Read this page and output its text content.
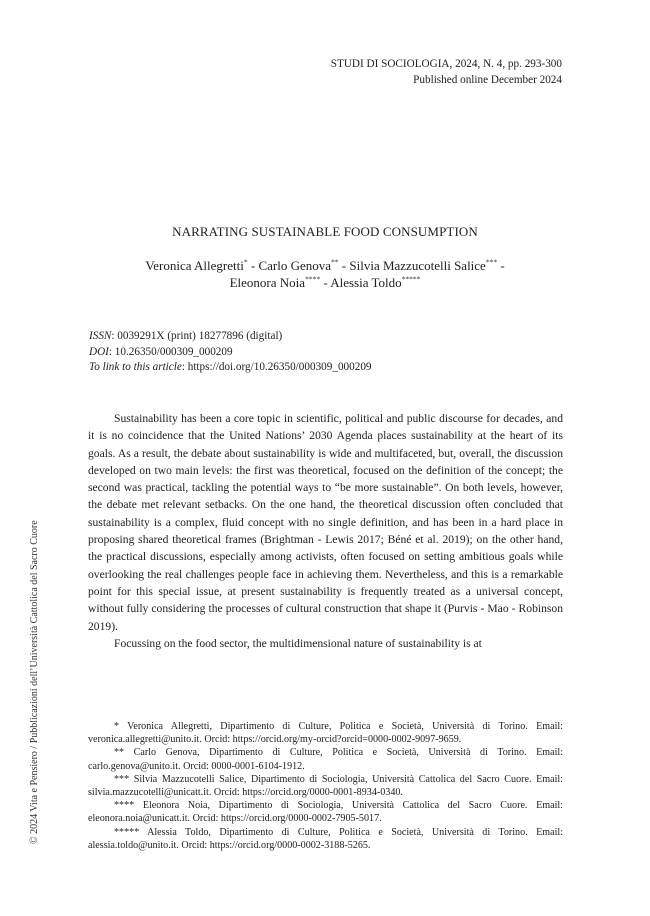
STUDI DI SOCIOLOGIA, 2024, N. 4, pp. 293-300
Published online December 2024
NARRATING SUSTAINABLE FOOD CONSUMPTION
Veronica Allegretti* - Carlo Genova** - Silvia Mazzucotelli Salice*** -
Eleonora Noia**** - Alessia Toldo*****
ISSN: 0039291X (print) 18277896 (digital)
DOI: 10.26350/000309_000209
To link to this article: https://doi.org/10.26350/000309_000209

Sustainability has been a core topic in scientific, political and public discourse for decades, and it is no coincidence that the United Nations’ 2030 Agenda places sustainability at the heart of its goals. As a result, the debate about sustainability is wide and multifaceted, but, overall, the discussion developed on two main levels: the first was theoretical, focused on the definition of the concept; the second was practical, tackling the potential ways to “be more sustainable”. On both levels, however, the debate met relevant setbacks. On the one hand, the theoretical discussion often concluded that sustainability is a complex, fluid concept with no single definition, and has been in a hard place in proposing shared theoretical frames (Brightman - Lewis 2017; Béné et al. 2019); on the other hand, the practical discussions, especially among activists, often focused on setting ambitious goals while overlooking the real challenges people face in achieving them. Nevertheless, and this is a remarkable point for this special issue, at present sustainability is frequently treated as a universal concept, without fully considering the processes of cultural construction that shape it (Purvis - Mao - Robinson 2019).

Focussing on the food sector, the multidimensional nature of sustainability is at

* Veronica Allegretti, Dipartimento di Culture, Politica e Società, Università di Torino. Email: veronica.allegretti@unito.it. Orcid: https://orcid.org/my-orcid?orcid=0000-0002-9097-9659.

** Carlo Genova, Dipartimento di Culture, Politica e Società, Università di Torino. Email: carlo.genova@unito.it. Orcid: 0000-0001-6104-1912.

*** Silvia Mazzucotelli Salice, Dipartimento di Sociologia, Università Cattolica del Sacro Cuore. Email: silvia.mazzucotelli@unicatt.it. Orcid: https://orcid.org/0000-0001-8934-0340.

**** Eleonora Noia, Dipartimento di Sociologia, Università Cattolica del Sacro Cuore. Email: eleonora.noia@unicatt.it. Orcid: https://orcid.org/0000-0002-7905-5017.

***** Alessia Toldo, Dipartimento di Culture, Politica e Società, Università di Torino. Email: alessia.toldo@unito.it. Orcid: https://orcid.org/0000-0002-3188-5265.

© 2024 Vita e Pensiero / Pubblicazioni dell’Università Cattolica del Sacro Cuore
